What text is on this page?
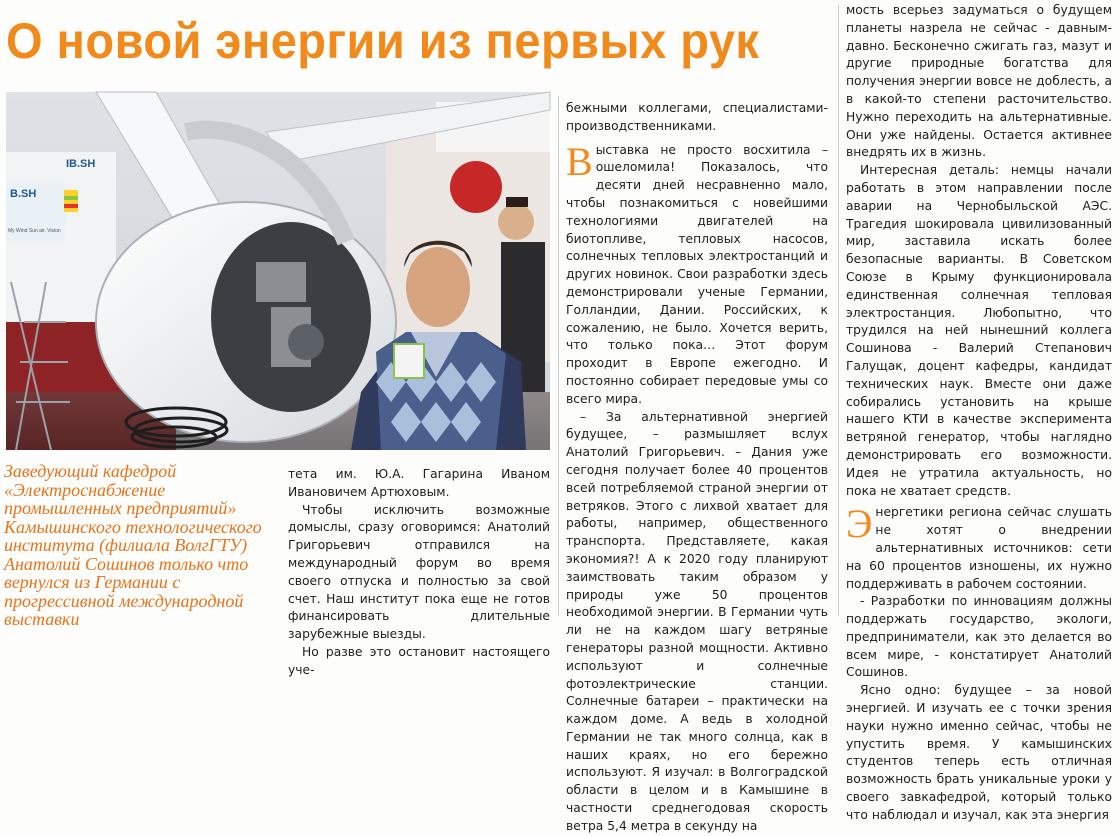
О новой энергии из первых рук
B.SH
IB.SH
My Wind Sun air. Vision

Заведующий кафедрой «Электроснабжение промышленных предприятий» Камышинского технологического института (филиала ВолгГТУ) Анатолий Сошинов только что вернулся из Германии с прогрессивной международной выставки

тета им. Ю.А. Гагарина Иваном Ивановичем Артюховым.

Чтобы исключить возможные домыслы, сразу оговоримся: Анатолий Григорьевич отправился на международный форум во время своего отпуска и полностью за свой счет. Наш институт пока еще не готов финансировать длительные зарубежные выезды.

Но разве это остановит настоящего уче-

бежными коллегами, специалистами-производственниками.

Выставка не просто восхитила – ошеломила! Показалось, что десяти дней несравненно мало, чтобы познакомиться с новейшими технологиями двигателей на биотопливе, тепловых насосов, солнечных тепловых электростанций и других новинок. Свои разработки здесь демонстрировали ученые Германии, Голландии, Дании. Российских, к сожалению, не было. Хочется верить, что только пока… Этот форум проходит в Европе ежегодно. И постоянно собирает передовые умы со всего мира.

– За альтернативной энергией будущее, – размышляет вслух Анатолий Григорьевич. – Дания уже сегодня получает более 40 процентов всей потребляемой страной энергии от ветряков. Этого с лихвой хватает для работы, например, общественного транспорта. Представляете, какая экономия?! А к 2020 году планируют заимствовать таким образом у природы уже 50 процентов необходимой энергии. В Германии чуть ли не на каждом шагу ветряные генераторы разной мощности. Активно используют и солнечные фотоэлектрические станции. Солнечные батареи – практически на каждом доме. А ведь в холодной Германии не так много солнца, как в наших краях, но его бережно используют. Я изучал: в Волгоградской области в целом и в Камышине в частности среднегодовая скорость ветра 5,4 метра в секунду на

мость всерьез задуматься о будущем планеты назрела не сейчас - давным-давно. Бесконечно сжигать газ, мазут и другие природные богатства для получения энергии вовсе не доблесть, а в какой-то степени расточительство. Нужно переходить на альтернативные. Они уже найдены. Остается активнее внедрять их в жизнь.

Интересная деталь: немцы начали работать в этом направлении после аварии на Чернобыльской АЭС. Трагедия шокировала цивилизованный мир, заставила искать более безопасные варианты. В Советском Союзе в Крыму функционировала единственная солнечная тепловая электростанция. Любопытно, что трудился на ней нынешний коллега Сошинова - Валерий Степанович Галущак, доцент кафедры, кандидат технических наук. Вместе они даже собирались установить на крыше нашего КТИ в качестве эксперимента ветряной генератор, чтобы наглядно демонстрировать его возможности. Идея не утратила актуальность, но пока не хватает средств.

Энергетики региона сейчас слушать не хотят о внедрении альтернативных источников: сети на 60 процентов изношены, их нужно поддерживать в рабочем состоянии.

- Разработки по инновациям должны поддержать государство, экологи, предприниматели, как это делается во всем мире, - констатирует Анатолий Сошинов.

Ясно одно: будущее – за новой энергией. И изучать ее с точки зрения науки нужно именно сейчас, чтобы не упустить время. У камышинских студентов теперь есть отличная возможность брать уникальные уроки у своего завкафедрой, который только что наблюдал и изучал, как эта энергия
